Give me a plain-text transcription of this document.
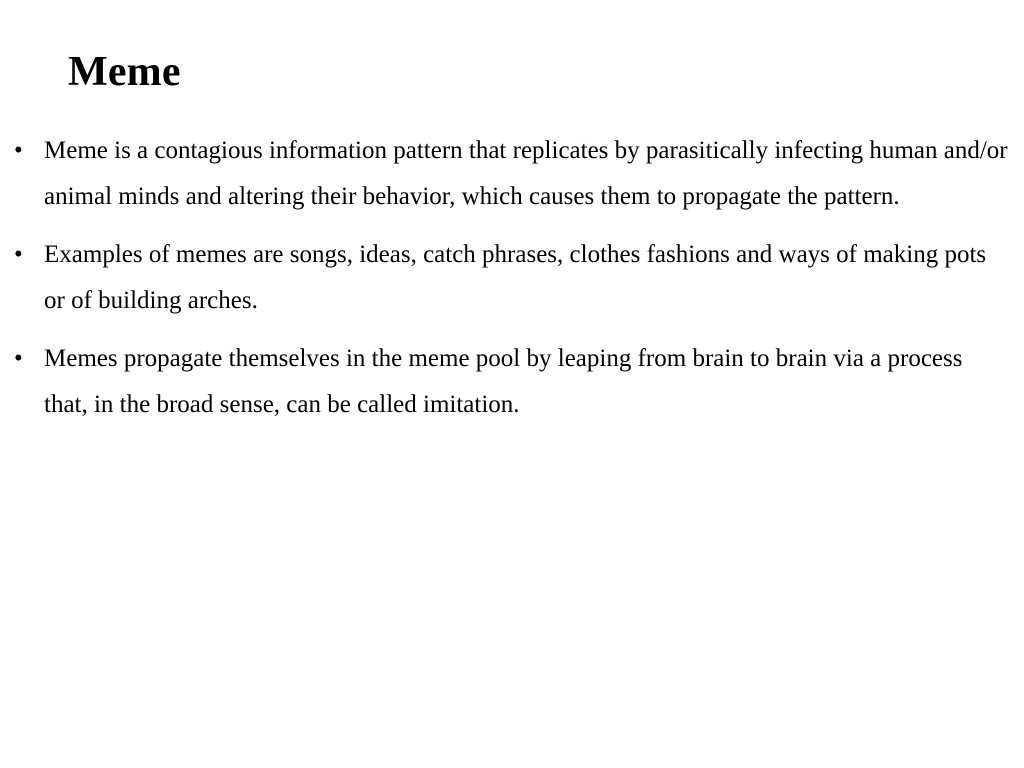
Meme
• Meme is a contagious information pattern that replicates by parasitically infecting human and/or animal minds and altering their behavior, which causes them to propagate the pattern.
• Examples of memes are songs, ideas, catch phrases, clothes fashions and ways of making pots or of building arches.
• Memes propagate themselves in the meme pool by leaping from brain to brain via a process that, in the broad sense, can be called imitation.
